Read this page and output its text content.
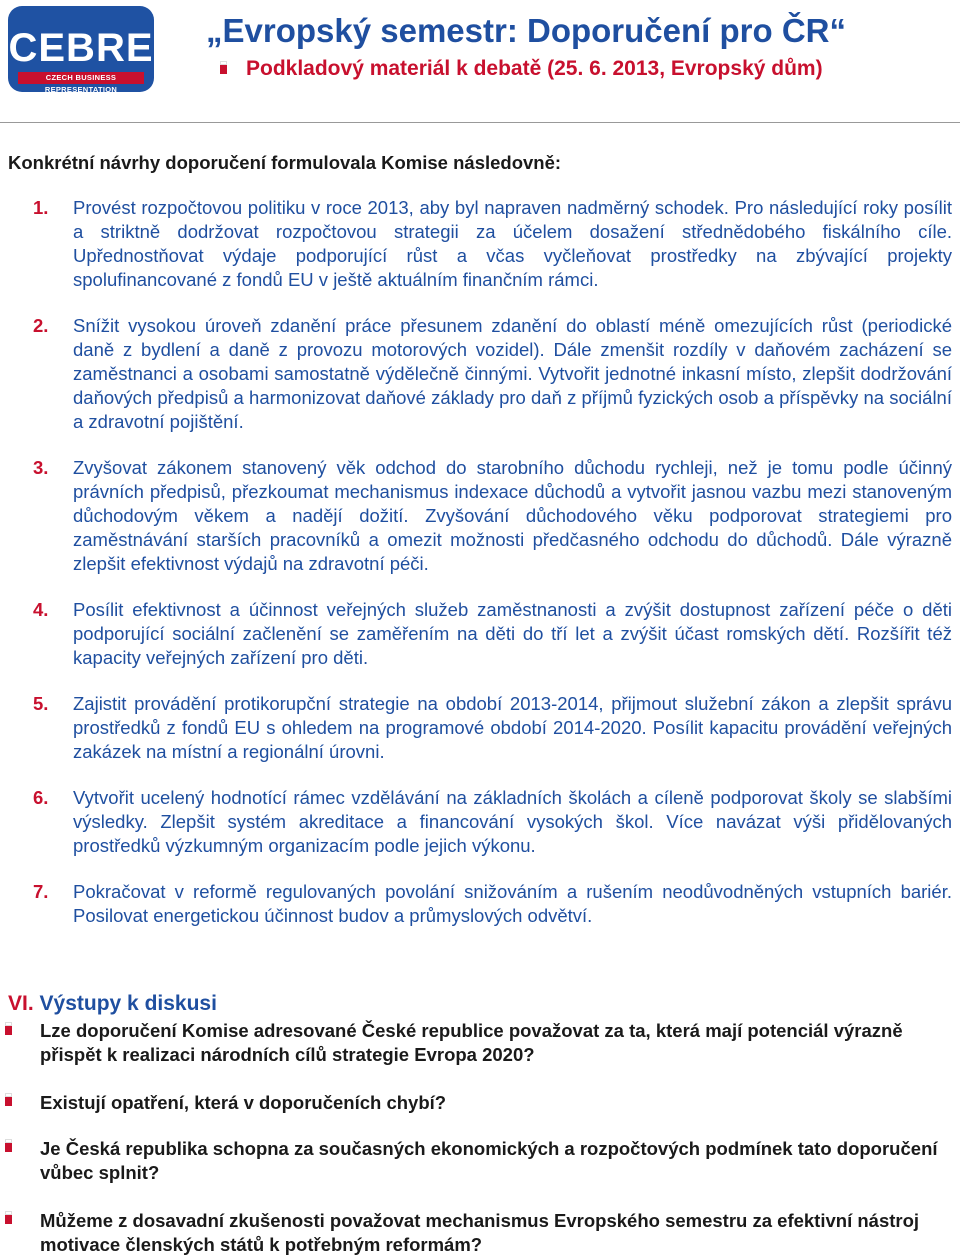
CEBRE
CZECH BUSINESS REPRESENTATION
„Evropský semestr: Doporučení pro ČR“
Podkladový materiál k debatě (25. 6. 2013, Evropský dům)
Konkrétní návrhy doporučení formulovala Komise následovně:
1. Provést rozpočtovou politiku v roce 2013, aby byl napraven nadměrný schodek. Pro následující roky posílit a striktně dodržovat rozpočtovou strategii za účelem dosažení střednědobého fiskálního cíle. Upřednostňovat výdaje podporující růst a včas vyčleňovat prostředky na zbývající projekty spolufinancované z fondů EU v ještě aktuálním finančním rámci.
2. Snížit vysokou úroveň zdanění práce přesunem zdanění do oblastí méně omezujících růst (periodické daně z bydlení a daně z provozu motorových vozidel). Dále zmenšit rozdíly v daňovém zacházení se zaměstnanci a osobami samostatně výdělečně činnými. Vytvořit jednotné inkasní místo, zlepšit dodržování daňových předpisů a harmonizovat daňové základy pro daň z příjmů fyzických osob a příspěvky na sociální a zdravotní pojištění.
3. Zvyšovat zákonem stanovený věk odchod do starobního důchodu rychleji, než je tomu podle účinný právních předpisů, přezkoumat mechanismus indexace důchodů a vytvořit jasnou vazbu mezi stanoveným důchodovým věkem a nadějí dožití. Zvyšování důchodového věku podporovat strategiemi pro zaměstnávání starších pracovníků a omezit možnosti předčasného odchodu do důchodů. Dále výrazně zlepšit efektivnost výdajů na zdravotní péči.
4. Posílit efektivnost a účinnost veřejných služeb zaměstnanosti a zvýšit dostupnost zařízení péče o děti podporující sociální začlenění se zaměřením na děti do tří let a zvýšit účast romských dětí. Rozšířit též kapacity veřejných zařízení pro děti.
5. Zajistit provádění protikorupční strategie na období 2013-2014, přijmout služební zákon a zlepšit správu prostředků z fondů EU s ohledem na programové období 2014-2020. Posílit kapacitu provádění veřejných zakázek na místní a regionální úrovni.
6. Vytvořit ucelený hodnotící rámec vzdělávání na základních školách a cíleně podporovat školy se slabšími výsledky. Zlepšit systém akreditace a financování vysokých škol. Více navázat výši přidělovaných prostředků výzkumným organizacím podle jejich výkonu.
7. Pokračovat v reformě regulovaných povolání snižováním a rušením neodůvodněných vstupních bariér. Posilovat energetickou účinnost budov a průmyslových odvětví.
VI. Výstupy k diskusi
Lze doporučení Komise adresované České republice považovat za ta, která mají potenciál výrazně přispět k realizaci národních cílů strategie Evropa 2020?
Existují opatření, která v doporučeních chybí?
Je Česká republika schopna za současných ekonomických a rozpočtových podmínek tato doporučení vůbec splnit?
Můžeme z dosavadní zkušenosti považovat mechanismus Evropského semestru za efektivní nástroj motivace členských států k potřebným reformám?
